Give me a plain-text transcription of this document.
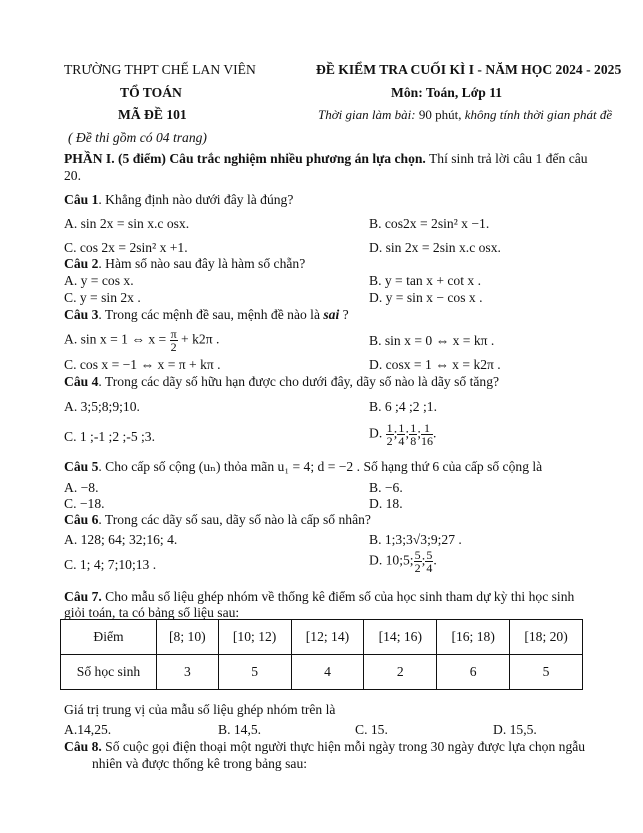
TRƯỜNG THPT CHẾ LAN VIÊN
TỔ TOÁN
MÃ ĐỀ 101
( Đề thi gồm có 04 trang)
ĐỀ KIỂM TRA CUỐI KÌ I - NĂM HỌC 2024 - 2025
Môn: Toán, Lớp 11
Thời gian làm bài: 90 phút, không tính thời gian phát đề
PHẦN I. (5 điểm) Câu trắc nghiệm nhiều phương án lựa chọn. Thí sinh trả lời câu 1 đến câu
20.
Câu 1. Khẳng định nào dưới đây là đúng?
A. sin 2x = sin x.c osx.	B. cos2x = 2sin² x −1.
C. cos 2x = 2sin² x +1.	D. sin 2x = 2sin x.c osx.
Câu 2. Hàm số nào sau đây là hàm số chẵn?
A. y = cos x.	B. y = tan x + cot x .
C. y = sin 2x .	D. y = sin x − cos x .
Câu 3. Trong các mệnh đề sau, mệnh đề nào là sai ?
A. sin x = 1 ⇔ $x = \frac{\pi}{2} + k2\pi$ .	B. sin x = 0 ⇔ x = kπ .
C. cos x = −1 ⇔ x = π + kπ .	D. cosx = 1 ⇔ x = k2π .
Câu 4. Trong các dãy số hữu hạn được cho dưới đây, dãy số nào là dãy số tăng?
A. 3;5;8;9;10.	B. 6 ;4 ;2 ;1.
C. 1 ;-1 ;2 ;-5 ;3.	D. $\frac{1}{2}$ ; $\frac{1}{4}$ ; $\frac{1}{8}$ ; $\frac{1}{16}$ .
Câu 5. Cho cấp số cộng (uₙ) thỏa mãn u₁ = 4; d = −2 . Số hạng thứ 6 của cấp số cộng là
A. −8.	B. −6.
C. −18.	D. 18.
Câu 6. Trong các dãy số sau, dãy số nào là cấp số nhân?
A. 128; 64; 32;16; 4.	B. 1;3;3√3;9;27 .
C. 1; 4; 7;10;13 .	D. 10;5; $\frac{5}{2}$ ; $\frac{5}{4}$ .
Câu 7. Cho mẫu số liệu ghép nhóm về thống kê điểm số của học sinh tham dự kỳ thi học sinh
giỏi toán, ta có bảng số liệu sau:
Điểm	[8; 10)	[10; 12)	[12; 14)	[14; 16)	[16; 18)	[18; 20)
Số học sinh	3	5	4	2	6	5
Giá trị trung vị của mẫu số liệu ghép nhóm trên là
A.14,25.	B. 14,5.	C. 15.	D. 15,5.
Câu 8. Số cuộc gọi điện thoại một người thực hiện mỗi ngày trong 30 ngày được lựa chọn ngẫu
nhiên và được thống kê trong bảng sau:
